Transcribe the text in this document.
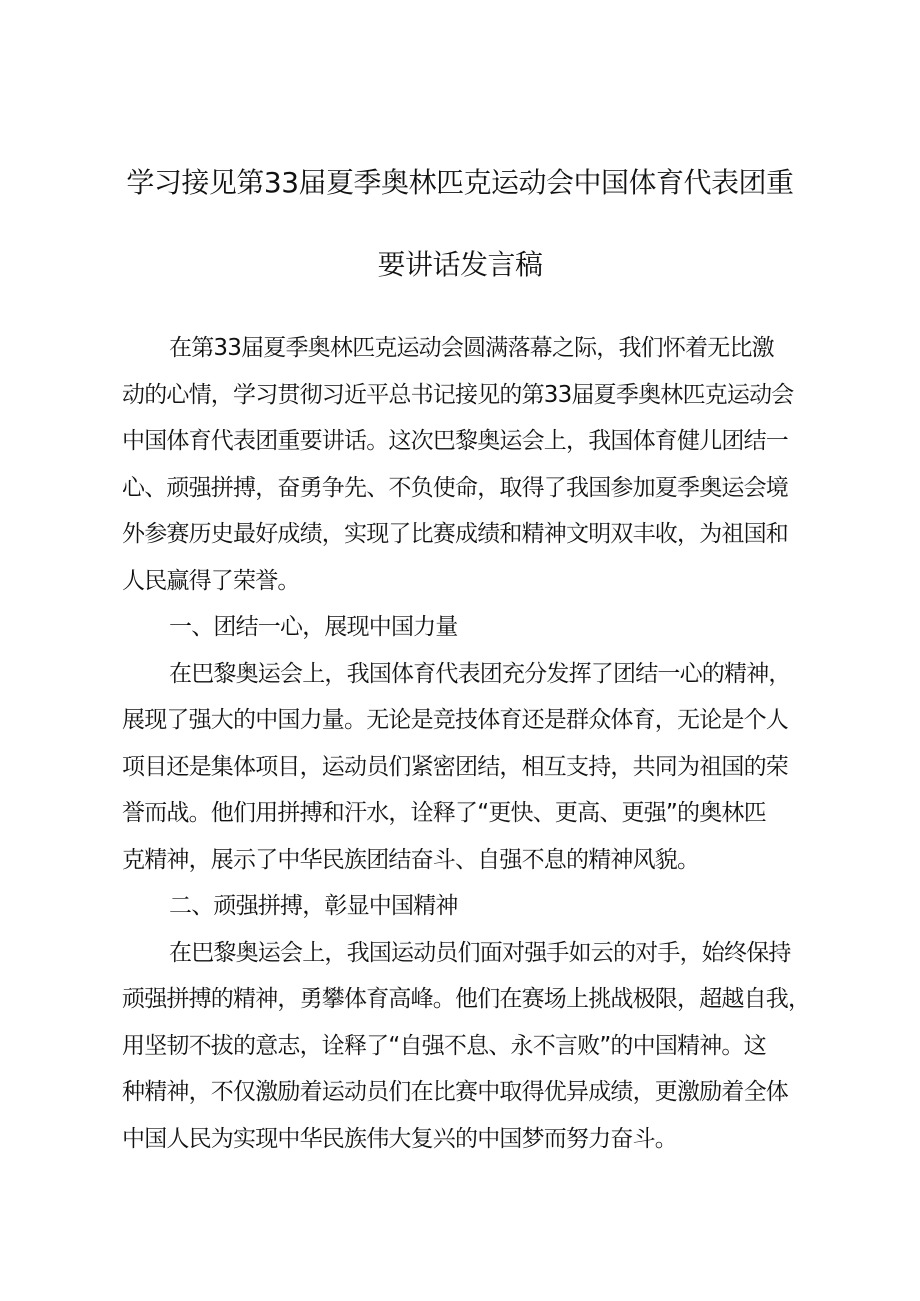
学习接见第33届夏季奥林匹克运动会中国体育代表团重
要讲话发言稿
在第33届夏季奥林匹克运动会圆满落幕之际，我们怀着无比激
动的心情，学习贯彻习近平总书记接见的第33届夏季奥林匹克运动会
中国体育代表团重要讲话。这次巴黎奥运会上，我国体育健儿团结一
心、顽强拼搏，奋勇争先、不负使命，取得了我国参加夏季奥运会境
外参赛历史最好成绩，实现了比赛成绩和精神文明双丰收，为祖国和
人民赢得了荣誉。
一、团结一心，展现中国力量
在巴黎奥运会上，我国体育代表团充分发挥了团结一心的精神，
展现了强大的中国力量。无论是竞技体育还是群众体育，无论是个人
项目还是集体项目，运动员们紧密团结，相互支持，共同为祖国的荣
誉而战。他们用拼搏和汗水，诠释了“更快、更高、更强”的奥林匹
克精神，展示了中华民族团结奋斗、自强不息的精神风貌。
二、顽强拼搏，彰显中国精神
在巴黎奥运会上，我国运动员们面对强手如云的对手，始终保持
顽强拼搏的精神，勇攀体育高峰。他们在赛场上挑战极限，超越自我，
用坚韧不拔的意志，诠释了“自强不息、永不言败”的中国精神。这
种精神，不仅激励着运动员们在比赛中取得优异成绩，更激励着全体
中国人民为实现中华民族伟大复兴的中国梦而努力奋斗。
